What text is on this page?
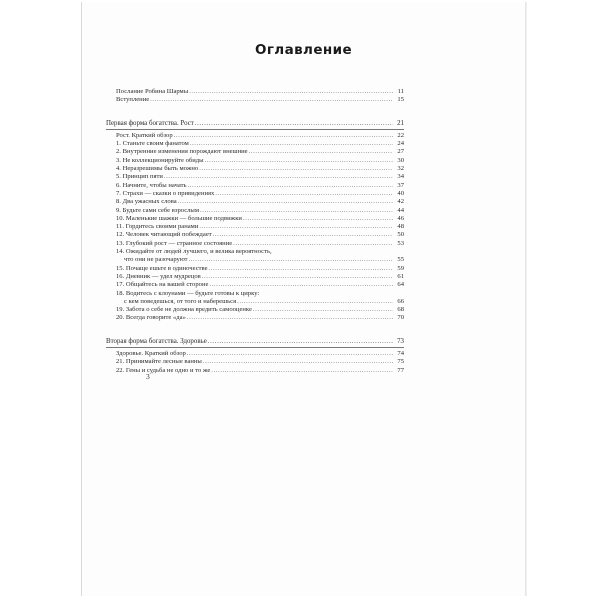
Оглавление
Послание Робина Шармы .....	11
Вступление .....	15
Первая форма богатства. Рост .....	21
Рост. Краткий обзор .....	22
1. Станьте своим фанатом .....	24
2. Внутренние изменения порождают внешние .....	27
3. Не коллекционируйте обиды .....	30
4. Неразрешимы быть можно .....	32
5. Принцип пяти .....	34
6. Начните, чтобы начать .....	37
7. Страхи — сказки о привидениях .....	40
8. Два ужасных слова .....	42
9. Будьте сами себе взрослым .....	44
10. Маленькие шажки — большие подвижки .....	46
11. Гордитесь своими ранами .....	48
12. Человек читающий побеждает .....	50
13. Глубокий рост — странное состояние .....	53
14. Ожидайте от людей лучшего, и велика вероятность,
что они не разочаруют .....	55
15. Почаще ешьте в одиночестве .....	59
16. Дневник — удел мудрецов .....	61
17. Общайтесь на вашей стороне .....	64
18. Водитесь с клоунами — будьте готовы к цирку:
с кем поведешься, от того и наберешься .....	66
19. Забота о себе не должна вредить самооценке .....	68
20. Всегда говорите «да» .....	70
Вторая форма богатства. Здоровье .....	73
Здоровье. Краткий обзор .....	74
21. Принимайте лесные ванны .....	75
22. Гены и судьба не одно и то же .....	77
3
